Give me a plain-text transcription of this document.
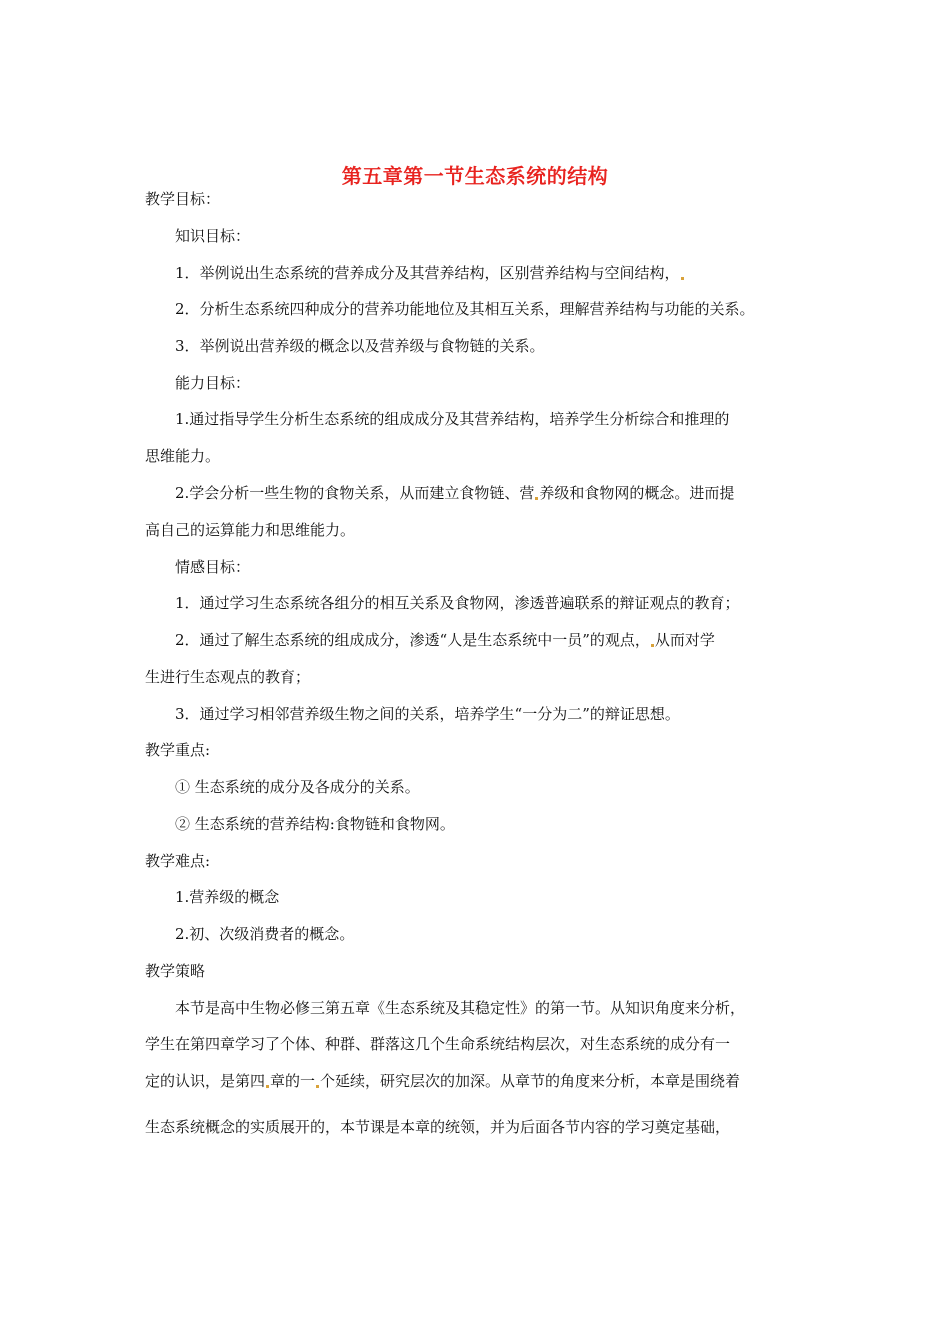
第五章第一节生态系统的结构
教学目标：
知识目标：
1．举例说出生态系统的营养成分及其营养结构，区别营养结构与空间结构，
2．分析生态系统四种成分的营养功能地位及其相互关系，理解营养结构与功能的关系。
3．举例说出营养级的概念以及营养级与食物链的关系。
能力目标：
1.通过指导学生分析生态系统的组成成分及其营养结构，培养学生分析综合和推理的
思维能力。
2.学会分析一些生物的食物关系，从而建立食物链、营 养级和食物网的概念。进而提
高自己的运算能力和思维能力。
情感目标：
1．通过学习生态系统各组分的相互关系及食物网，渗透普遍联系的辩证观点的教育；
2．通过了解生态系统的组成成分，渗透“人是生态系统中一员”的观点， 从而对学
生进行生态观点的教育；
3．通过学习相邻营养级生物之间的关系，培养学生“一分为二”的辩证思想。
教学重点:
① 生态系统的成分及各成分的关系。
② 生态系统的营养结构:食物链和食物网。
教学难点:
1.营养级的概念
2.初、次级消费者的概念。
教学策略
本节是高中生物必修三第五章《生态系统及其稳定性》的第一节。从知识角度来分析，
学生在第四章学习了个体、种群、群落这几个生命系统结构层次，对生态系统的成分有一
定的认识，是第四 章的一 个延续，研究层次的加深。从章节的角度来分析，本章是围绕着
生态系统概念的实质展开的，本节课是本章的统领，并为后面各节内容的学习奠定基础，
